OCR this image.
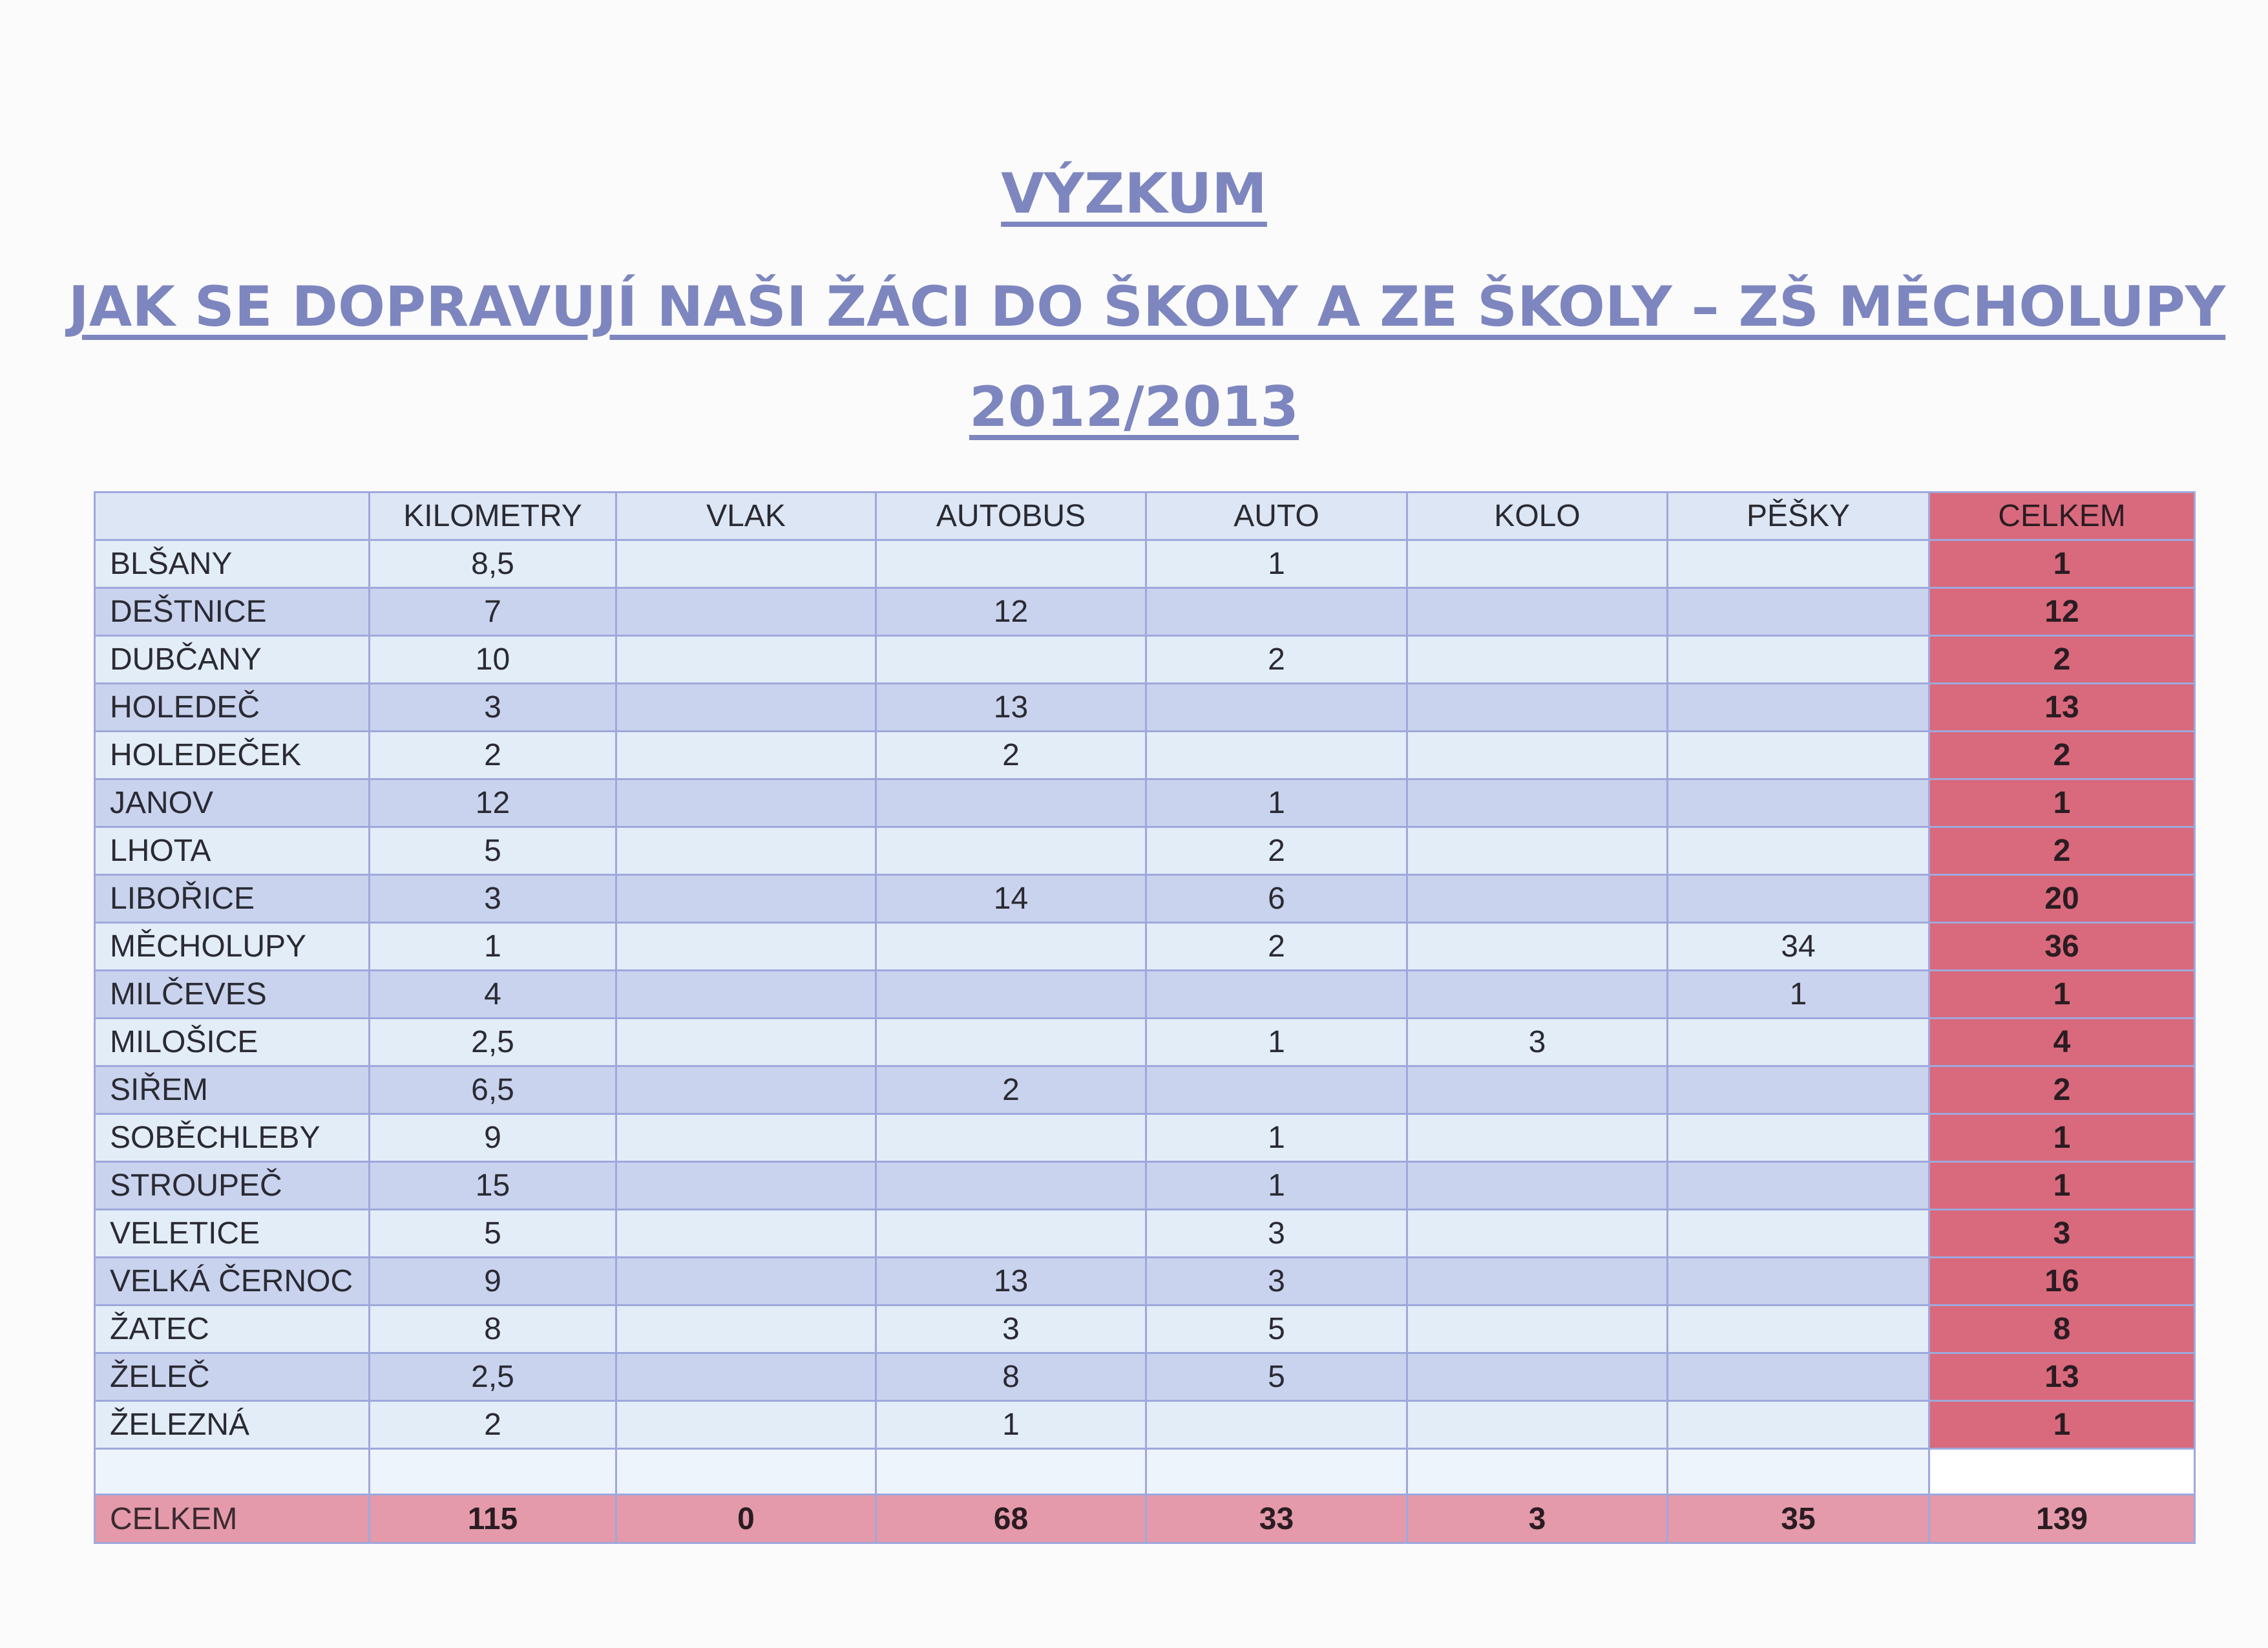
VÝZKUM
JAK SE DOPRAVUJÍ NAŠI ŽÁCI DO ŠKOLY A ZE ŠKOLY – ZŠ MĚCHOLUPY
2012/2013
	KILOMETRY	VLAK	AUTOBUS	AUTO	KOLO	PĚŠKY	CELKEM
BLŠANY	8,5			1			1
DEŠTNICE	7		12				12
DUBČANY	10			2			2
HOLEDEČ	3		13				13
HOLEDEČEK	2		2				2
JANOV	12			1			1
LHOTA	5			2			2
LIBOŘICE	3		14	6			20
MĚCHOLUPY	1			2		34	36
MILČEVES	4					1	1
MILOŠICE	2,5			1	3		4
SIŘEM	6,5		2				2
SOBĚCHLEBY	9			1			1
STROUPEČ	15			1			1
VELETICE	5			3			3
VELKÁ ČERNOC	9		13	3			16
ŽATEC	8		3	5			8
ŽELEČ	2,5		8	5			13
ŽELEZNÁ	2		1				1

CELKEM	115	0	68	33	3	35	139
